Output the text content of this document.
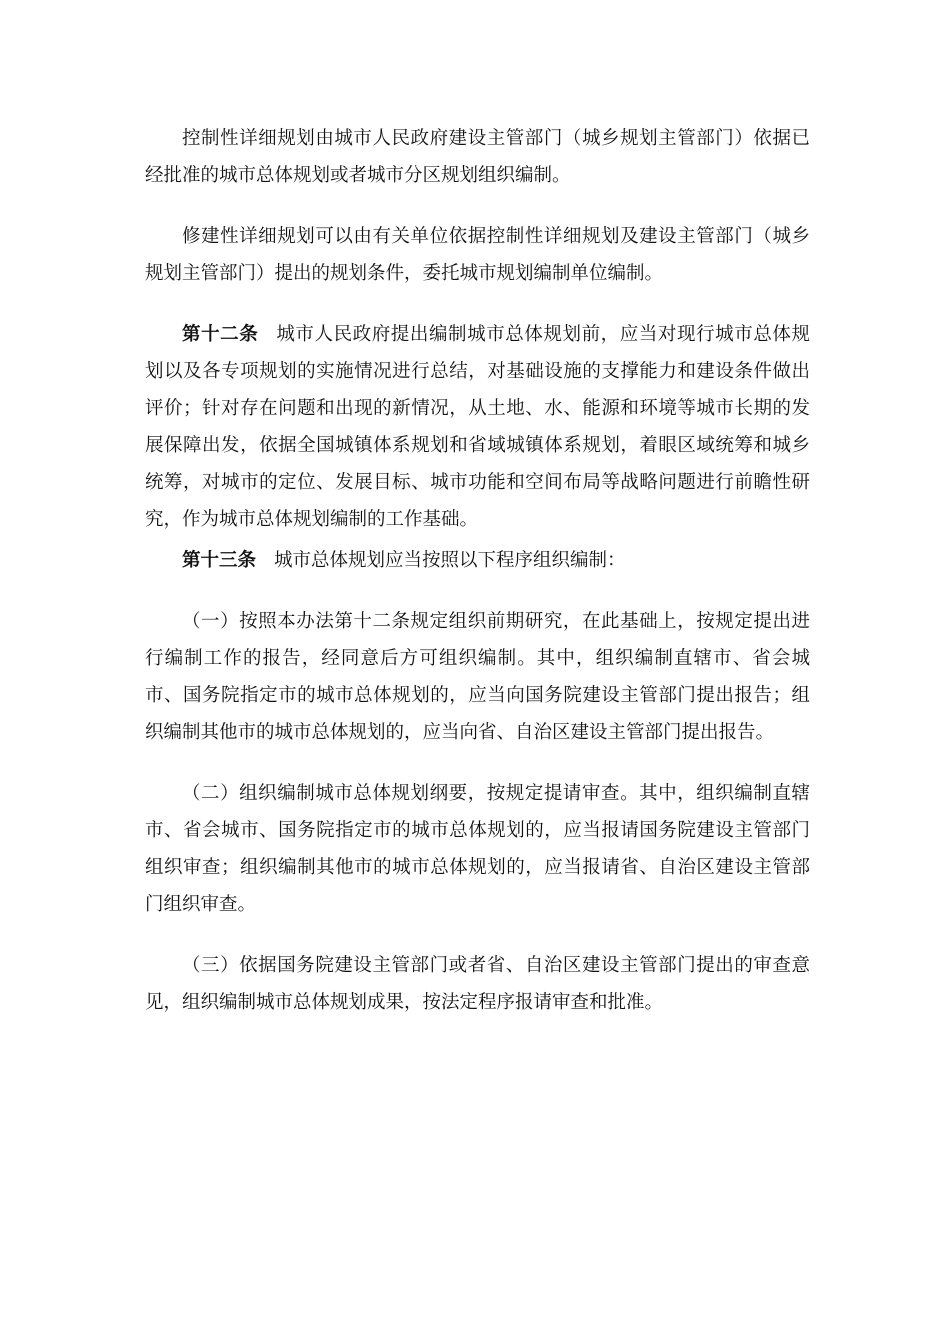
控制性详细规划由城市人民政府建设主管部门（城乡规划主管部门）依据已经批准的城市总体规划或者城市分区规划组织编制。

修建性详细规划可以由有关单位依据控制性详细规划及建设主管部门（城乡规划主管部门）提出的规划条件，委托城市规划编制单位编制。

第十二条 城市人民政府提出编制城市总体规划前，应当对现行城市总体规划以及各专项规划的实施情况进行总结，对基础设施的支撑能力和建设条件做出评价；针对存在问题和出现的新情况，从土地、水、能源和环境等城市长期的发展保障出发，依据全国城镇体系规划和省域城镇体系规划，着眼区域统筹和城乡统筹，对城市的定位、发展目标、城市功能和空间布局等战略问题进行前瞻性研究，作为城市总体规划编制的工作基础。

第十三条 城市总体规划应当按照以下程序组织编制：

（一）按照本办法第十二条规定组织前期研究，在此基础上，按规定提出进行编制工作的报告，经同意后方可组织编制。其中，组织编制直辖市、省会城市、国务院指定市的城市总体规划的，应当向国务院建设主管部门提出报告；组织编制其他市的城市总体规划的，应当向省、自治区建设主管部门提出报告。

（二）组织编制城市总体规划纲要，按规定提请审查。其中，组织编制直辖市、省会城市、国务院指定市的城市总体规划的，应当报请国务院建设主管部门组织审查；组织编制其他市的城市总体规划的，应当报请省、自治区建设主管部门组织审查。

（三）依据国务院建设主管部门或者省、自治区建设主管部门提出的审查意见，组织编制城市总体规划成果，按法定程序报请审查和批准。
